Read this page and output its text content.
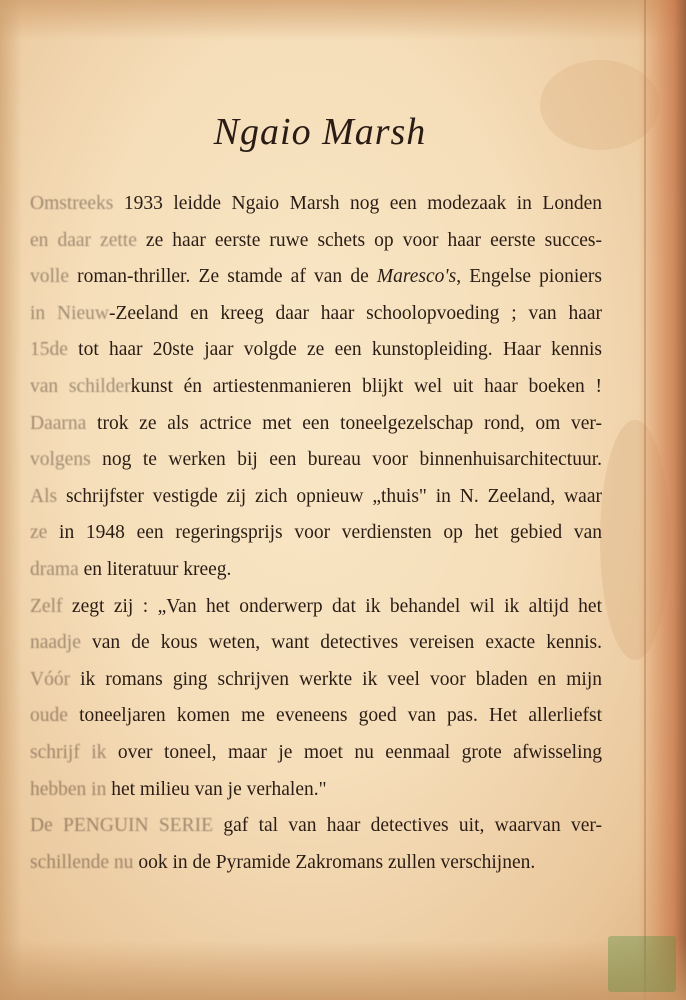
Ngaio Marsh
Omstreeks 1933 leidde Ngaio Marsh nog een modezaak in Londen
en daar zette ze haar eerste ruwe schets op voor haar eerste succes-
volle roman-thriller. Ze stamde af van de Maresco's, Engelse pioniers
in Nieuw-Zeeland en kreeg daar haar schoolopvoeding ; van haar
15de tot haar 20ste jaar volgde ze een kunstopleiding. Haar kennis
van schilderkunst én artiestenmanieren blijkt wel uit haar boeken !
Daarna trok ze als actrice met een toneelgezelschap rond, om ver-
volgens nog te werken bij een bureau voor binnenhuisarchitectuur.
Als schrijfster vestigde zij zich opnieuw „thuis" in N. Zeeland, waar
ze in 1948 een regeringsprijs voor verdiensten op het gebied van
drama en literatuur kreeg.
Zelf zegt zij : „Van het onderwerp dat ik behandel wil ik altijd het
naadje van de kous weten, want detectives vereisen exacte kennis.
Vóór ik romans ging schrijven werkte ik veel voor bladen en mijn
oude toneeljaren komen me eveneens goed van pas. Het allerliefst
schrijf ik over toneel, maar je moet nu eenmaal grote afwisseling
hebben in het milieu van je verhalen."
De PENGUIN SERIE gaf tal van haar detectives uit, waarvan ver-
schillende nu ook in de Pyramide Zakromans zullen verschijnen.
